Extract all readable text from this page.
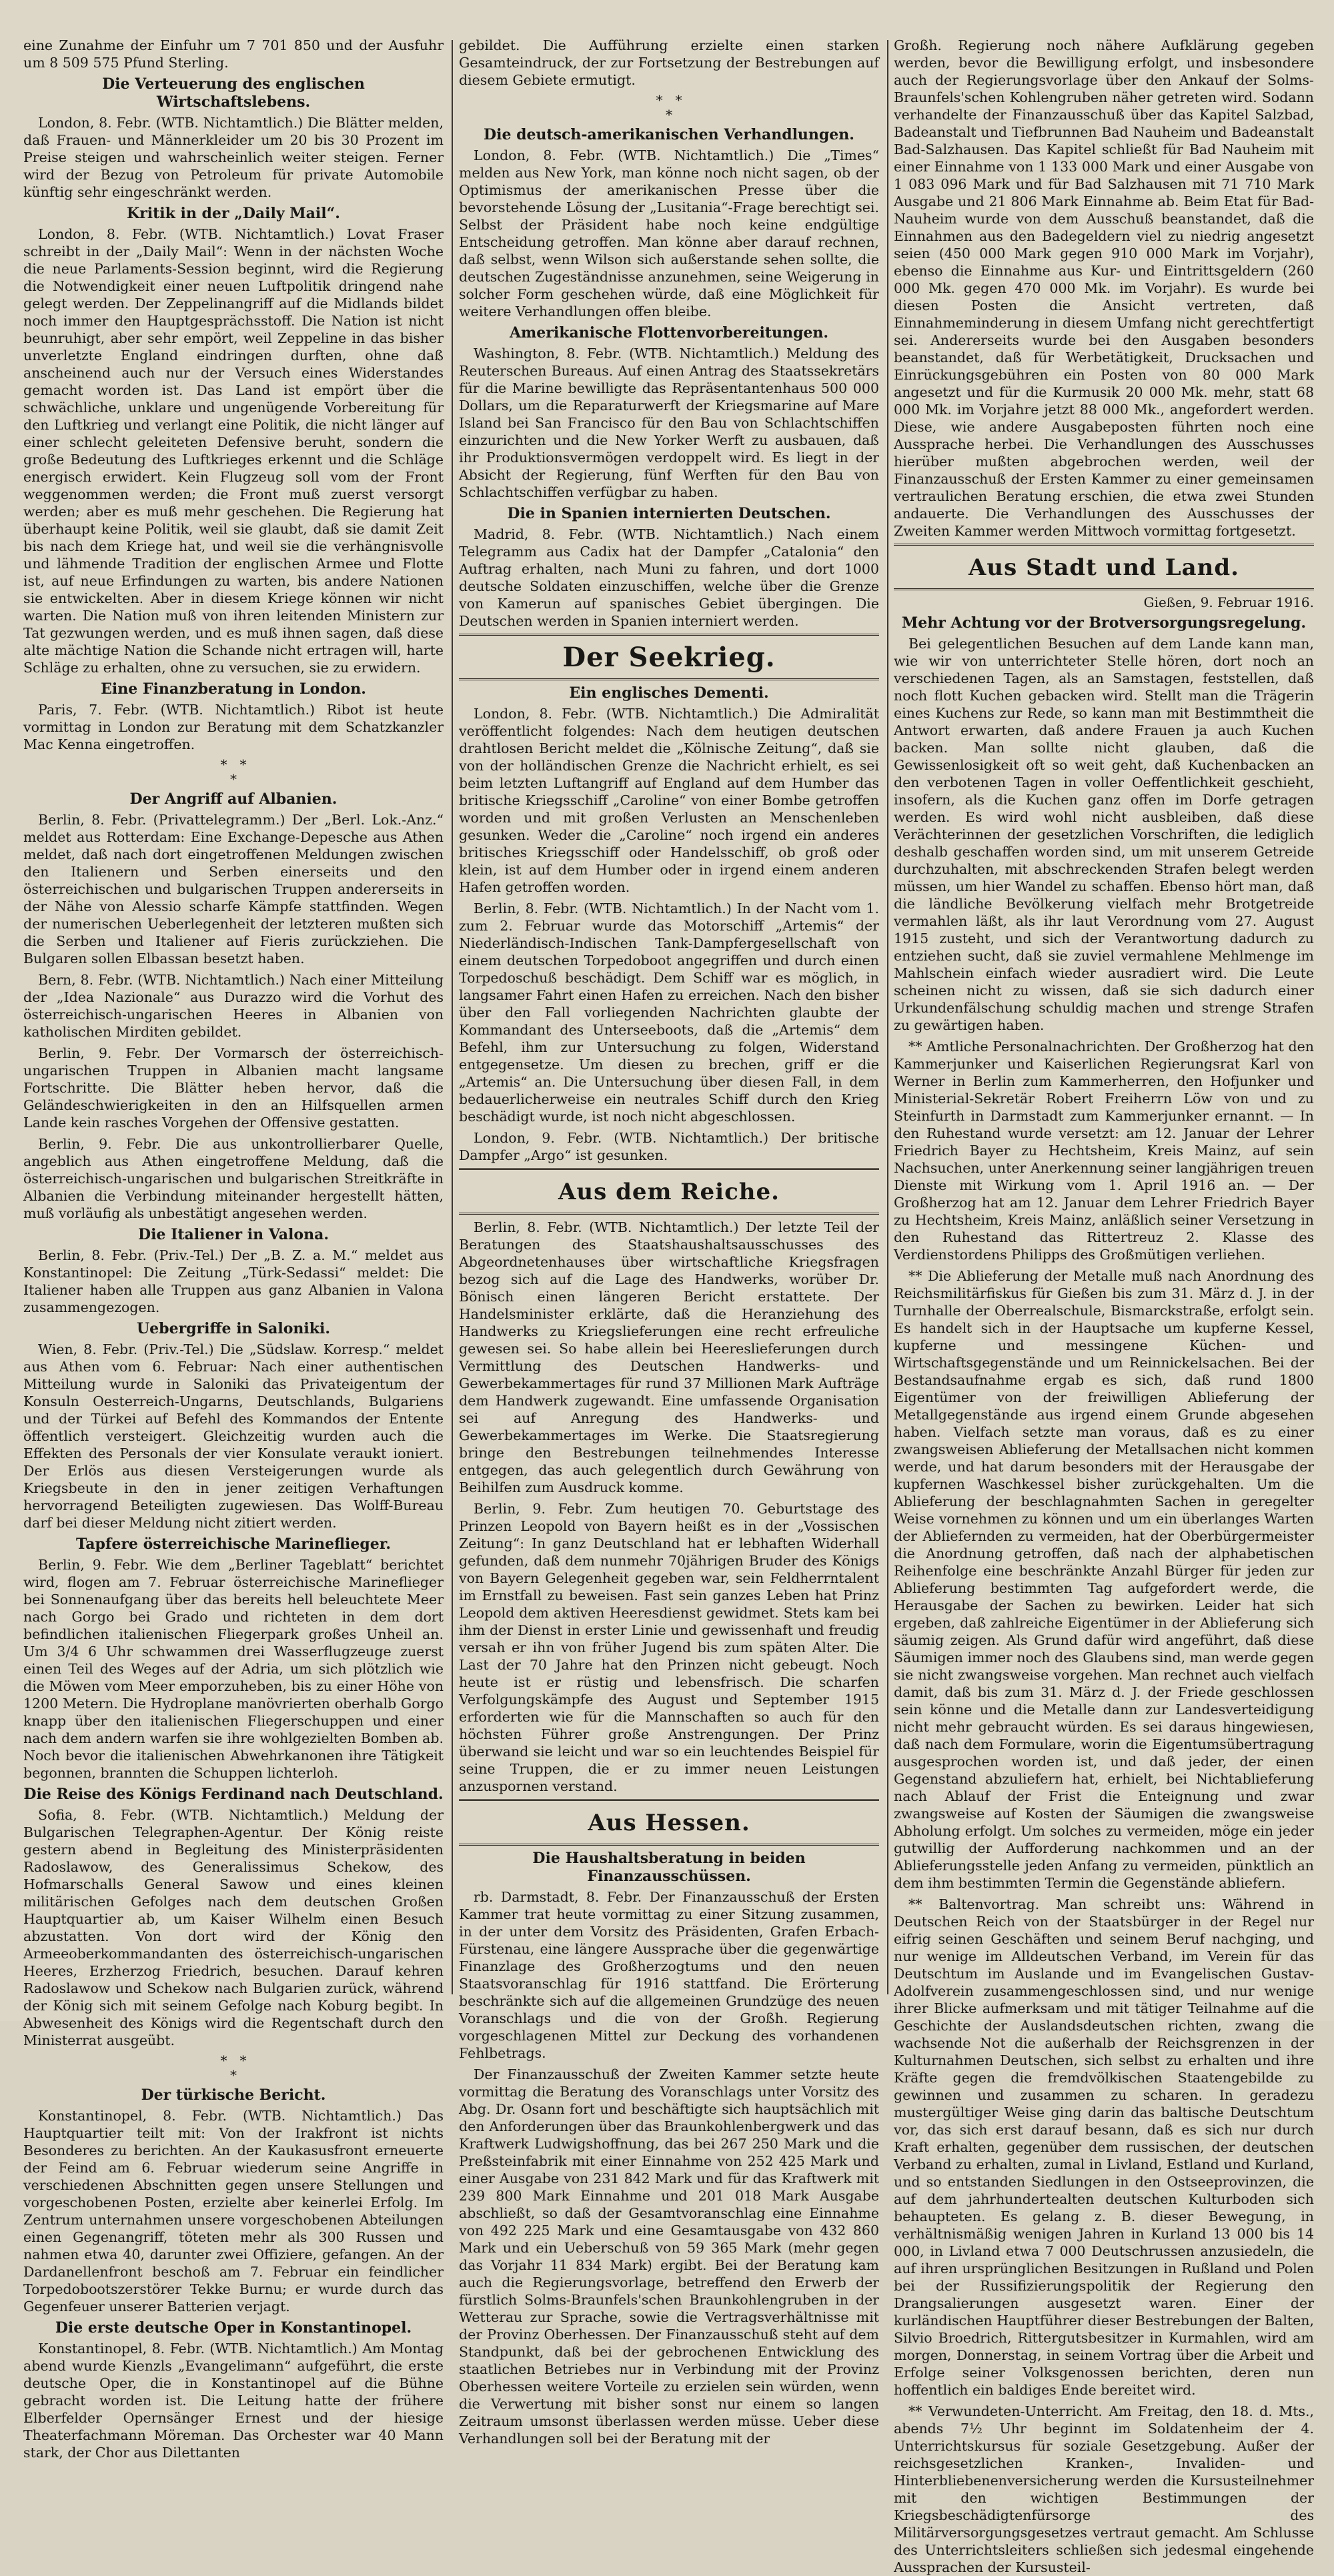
eine Zunahme der Einfuhr um 7 701 850 und der Ausfuhr um 8 509 575 Pfund Sterling.

Die Verteuerung des englischen Wirtschaftslebens.

London, 8. Febr. (WTB. Nichtamtlich.) Die Blätter melden, daß Frauen- und Männerkleider um 20 bis 30 Prozent im Preise steigen und wahrscheinlich weiter steigen. Ferner wird der Bezug von Petroleum für private Automobile künftig sehr eingeschränkt werden.

Kritik in der „Daily Mail“.

London, 8. Febr. (WTB. Nichtamtlich.) Lovat Fraser schreibt in der „Daily Mail“: Wenn in der nächsten Woche die neue Parlaments-Session beginnt, wird die Regierung die Notwendigkeit einer neuen Luftpolitik dringend nahe gelegt werden. Der Zeppelinangriff auf die Midlands bildet noch immer den Hauptgesprächsstoff. Die Nation ist nicht beunruhigt, aber sehr empört, weil Zeppeline in das bisher unverletzte England eindringen durften, ohne daß anscheinend auch nur der Versuch eines Widerstandes gemacht worden ist. Das Land ist empört über die schwächliche, unklare und ungenügende Vorbereitung für den Luftkrieg und verlangt eine Politik, die nicht länger auf einer schlecht geleiteten Defensive beruht, sondern die große Bedeutung des Luftkrieges erkennt und die Schläge energisch erwidert. Kein Flugzeug soll vom der Front weggenommen werden; die Front muß zuerst versorgt werden; aber es muß mehr geschehen. Die Regierung hat überhaupt keine Politik, weil sie glaubt, daß sie damit Zeit bis nach dem Kriege hat, und weil sie die verhängnisvolle und lähmende Tradition der englischen Armee und Flotte ist, auf neue Erfindungen zu warten, bis andere Nationen sie entwickelten. Aber in diesem Kriege können wir nicht warten. Die Nation muß von ihren leitenden Ministern zur Tat gezwungen werden, und es muß ihnen sagen, daß diese alte mächtige Nation die Schande nicht ertragen will, harte Schläge zu erhalten, ohne zu versuchen, sie zu erwidern.

Eine Finanzberatung in London.

Paris, 7. Febr. (WTB. Nichtamtlich.) Ribot ist heute vormittag in London zur Beratung mit dem Schatzkanzler Mac Kenna eingetroffen.

*   *
*
Der Angriff auf Albanien.

Berlin, 8. Febr. (Privattelegramm.) Der „Berl. Lok.-Anz.“ meldet aus Rotterdam: Eine Exchange-Depesche aus Athen meldet, daß nach dort eingetroffenen Meldungen zwischen den Italienern und Serben einerseits und den österreichischen und bulgarischen Truppen andererseits in der Nähe von Alessio scharfe Kämpfe stattfinden. Wegen der numerischen Ueberlegenheit der letzteren mußten sich die Serben und Italiener auf Fieris zurückziehen. Die Bulgaren sollen Elbassan besetzt haben.

Bern, 8. Febr. (WTB. Nichtamtlich.) Nach einer Mitteilung der „Idea Nazionale“ aus Durazzo wird die Vorhut des österreichisch-ungarischen Heeres in Albanien von katholischen Mirditen gebildet.

Berlin, 9. Febr. Der Vormarsch der österreichisch-ungarischen Truppen in Albanien macht langsame Fortschritte. Die Blätter heben hervor, daß die Geländeschwierigkeiten in den an Hilfsquellen armen Lande kein rasches Vorgehen der Offensive gestatten.

Berlin, 9. Febr. Die aus unkontrollierbarer Quelle, angeblich aus Athen eingetroffene Meldung, daß die österreichisch-ungarischen und bulgarischen Streitkräfte in Albanien die Verbindung miteinander hergestellt hätten, muß vorläufig als unbestätigt angesehen werden.

Die Italiener in Valona.

Berlin, 8. Febr. (Priv.-Tel.) Der „B. Z. a. M.“ meldet aus Konstantinopel: Die Zeitung „Türk-Sedassi“ meldet: Die Italiener haben alle Truppen aus ganz Albanien in Valona zusammengezogen.

Uebergriffe in Saloniki.

Wien, 8. Febr. (Priv.-Tel.) Die „Südslaw. Korresp.“ meldet aus Athen vom 6. Februar: Nach einer authentischen Mitteilung wurde in Saloniki das Privateigentum der Konsuln Oesterreich-Ungarns, Deutschlands, Bulgariens und der Türkei auf Befehl des Kommandos der Entente öffentlich versteigert. Gleichzeitig wurden auch die Effekten des Personals der vier Konsulate veraukt ioniert. Der Erlös aus diesen Versteigerungen wurde als Kriegsbeute in den in jener zeitigen Verhaftungen hervorragend Beteiligten zugewiesen. Das Wolff-Bureau darf bei dieser Meldung nicht zitiert werden.

Tapfere österreichische Marineflieger.

Berlin, 9. Febr. Wie dem „Berliner Tageblatt“ berichtet wird, flogen am 7. Februar österreichische Marineflieger bei Sonnenaufgang über das bereits hell beleuchtete Meer nach Gorgo bei Grado und richteten in dem dort befindlichen italienischen Fliegerpark großes Unheil an. Um 3/4 6 Uhr schwammen drei Wasserflugzeuge zuerst einen Teil des Weges auf der Adria, um sich plötzlich wie die Möwen vom Meer emporzuheben, bis zu einer Höhe von 1200 Metern. Die Hydroplane manövrierten oberhalb Gorgo knapp über den italienischen Fliegerschuppen und einer nach dem andern warfen sie ihre wohlgezielten Bomben ab. Noch bevor die italienischen Abwehrkanonen ihre Tätigkeit begonnen, brannten die Schuppen lichterloh.

Die Reise des Königs Ferdinand nach Deutschland.

Sofia, 8. Febr. (WTB. Nichtamtlich.) Meldung der Bulgarischen Telegraphen-Agentur. Der König reiste gestern abend in Begleitung des Ministerpräsidenten Radoslawow, des Generalissimus Schekow, des Hofmarschalls General Sawow und eines kleinen militärischen Gefolges nach dem deutschen Großen Hauptquartier ab, um Kaiser Wilhelm einen Besuch abzustatten. Von dort wird der König den Armeeoberkommandanten des österreichisch-ungarischen Heeres, Erzherzog Friedrich, besuchen. Darauf kehren Radoslawow und Schekow nach Bulgarien zurück, während der König sich mit seinem Gefolge nach Koburg begibt. In Abwesenheit des Königs wird die Regentschaft durch den Ministerrat ausgeübt.

*   *
*
Der türkische Bericht.

Konstantinopel, 8. Febr. (WTB. Nichtamtlich.) Das Hauptquartier teilt mit: Von der Irakfront ist nichts Besonderes zu berichten. An der Kaukasusfront erneuerte der Feind am 6. Februar wiederum seine Angriffe in verschiedenen Abschnitten gegen unsere Stellungen und vorgeschobenen Posten, erzielte aber keinerlei Erfolg. Im Zentrum unternahmen unsere vorgeschobenen Abteilungen einen Gegenangriff, töteten mehr als 300 Russen und nahmen etwa 40, darunter zwei Offiziere, gefangen. An der Dardanellenfront beschoß am 7. Februar ein feindlicher Torpedobootszerstörer Tekke Burnu; er wurde durch das Gegenfeuer unserer Batterien verjagt.

Die erste deutsche Oper in Konstantinopel.

Konstantinopel, 8. Febr. (WTB. Nichtamtlich.) Am Montag abend wurde Kienzls „Evangelimann“ aufgeführt, die erste deutsche Oper, die in Konstantinopel auf die Bühne gebracht worden ist. Die Leitung hatte der frühere Elberfelder Opernsänger Ernest und der hiesige Theaterfachmann Möreman. Das Orchester war 40 Mann stark, der Chor aus Dilettanten

gebildet. Die Aufführung erzielte einen starken Gesamteindruck, der zur Fortsetzung der Bestrebungen auf diesem Gebiete ermutigt.

*   *
*
Die deutsch-amerikanischen Verhandlungen.

London, 8. Febr. (WTB. Nichtamtlich.) Die „Times“ melden aus New York, man könne noch nicht sagen, ob der Optimismus der amerikanischen Presse über die bevorstehende Lösung der „Lusitania“-Frage berechtigt sei. Selbst der Präsident habe noch keine endgültige Entscheidung getroffen. Man könne aber darauf rechnen, daß selbst, wenn Wilson sich außerstande sehen sollte, die deutschen Zugeständnisse anzunehmen, seine Weigerung in solcher Form geschehen würde, daß eine Möglichkeit für weitere Verhandlungen offen bleibe.

Amerikanische Flottenvorbereitungen.

Washington, 8. Febr. (WTB. Nichtamtlich.) Meldung des Reuterschen Bureaus. Auf einen Antrag des Staatssekretärs für die Marine bewilligte das Repräsentantenhaus 500 000 Dollars, um die Reparaturwerft der Kriegsmarine auf Mare Island bei San Francisco für den Bau von Schlachtschiffen einzurichten und die New Yorker Werft zu ausbauen, daß ihr Produktionsvermögen verdoppelt wird. Es liegt in der Absicht der Regierung, fünf Werften für den Bau von Schlachtschiffen verfügbar zu haben.

Die in Spanien internierten Deutschen.

Madrid, 8. Febr. (WTB. Nichtamtlich.) Nach einem Telegramm aus Cadix hat der Dampfer „Catalonia“ den Auftrag erhalten, nach Muni zu fahren, und dort 1000 deutsche Soldaten einzuschiffen, welche über die Grenze von Kamerun auf spanisches Gebiet übergingen. Die Deutschen werden in Spanien interniert werden.

Der Seekrieg.
Ein englisches Dementi.

London, 8. Febr. (WTB. Nichtamtlich.) Die Admiralität veröffentlicht folgendes: Nach dem heutigen deutschen drahtlosen Bericht meldet die „Kölnische Zeitung“, daß sie von der holländischen Grenze die Nachricht erhielt, es sei beim letzten Luftangriff auf England auf dem Humber das britische Kriegsschiff „Caroline“ von einer Bombe getroffen worden und mit großen Verlusten an Menschenleben gesunken. Weder die „Caroline“ noch irgend ein anderes britisches Kriegsschiff oder Handelsschiff, ob groß oder klein, ist auf dem Humber oder in irgend einem anderen Hafen getroffen worden.

Berlin, 8. Febr. (WTB. Nichtamtlich.) In der Nacht vom 1. zum 2. Februar wurde das Motorschiff „Artemis“ der Niederländisch-Indischen Tank-Dampfergesellschaft von einem deutschen Torpedoboot angegriffen und durch einen Torpedoschuß beschädigt. Dem Schiff war es möglich, in langsamer Fahrt einen Hafen zu erreichen. Nach den bisher über den Fall vorliegenden Nachrichten glaubte der Kommandant des Unterseeboots, daß die „Artemis“ dem Befehl, ihm zur Untersuchung zu folgen, Widerstand entgegensetze. Um diesen zu brechen, griff er die „Artemis“ an. Die Untersuchung über diesen Fall, in dem bedauerlicherweise ein neutrales Schiff durch den Krieg beschädigt wurde, ist noch nicht abgeschlossen.

London, 9. Febr. (WTB. Nichtamtlich.) Der britische Dampfer „Argo“ ist gesunken.

Aus dem Reiche.

Berlin, 8. Febr. (WTB. Nichtamtlich.) Der letzte Teil der Beratungen des Staatshaushaltsausschusses des Abgeordnetenhauses über wirtschaftliche Kriegsfragen bezog sich auf die Lage des Handwerks, worüber Dr. Bönisch einen längeren Bericht erstattete. Der Handelsminister erklärte, daß die Heranziehung des Handwerks zu Kriegslieferungen eine recht erfreuliche gewesen sei. So habe allein bei Heereslieferungen durch Vermittlung des Deutschen Handwerks- und Gewerbekammertages für rund 37 Millionen Mark Aufträge dem Handwerk zugewandt. Eine umfassende Organisation sei auf Anregung des Handwerks- und Gewerbekammertages im Werke. Die Staatsregierung bringe den Bestrebungen teilnehmendes Interesse entgegen, das auch gelegentlich durch Gewährung von Beihilfen zum Ausdruck komme.

Berlin, 9. Febr. Zum heutigen 70. Geburtstage des Prinzen Leopold von Bayern heißt es in der „Vossischen Zeitung“: In ganz Deutschland hat er lebhaften Widerhall gefunden, daß dem nunmehr 70jährigen Bruder des Königs von Bayern Gelegenheit gegeben war, sein Feldherrntalent im Ernstfall zu beweisen. Fast sein ganzes Leben hat Prinz Leopold dem aktiven Heeresdienst gewidmet. Stets kam bei ihm der Dienst in erster Linie und gewissenhaft und freudig versah er ihn von früher Jugend bis zum späten Alter. Die Last der 70 Jahre hat den Prinzen nicht gebeugt. Noch heute ist er rüstig und lebensfrisch. Die scharfen Verfolgungskämpfe des August und September 1915 erforderten wie für die Mannschaften so auch für den höchsten Führer große Anstrengungen. Der Prinz überwand sie leicht und war so ein leuchtendes Beispiel für seine Truppen, die er zu immer neuen Leistungen anzuspornen verstand.

Aus Hessen.
Die Haushaltsberatung in beiden Finanzausschüssen.

rb. Darmstadt, 8. Febr. Der Finanzausschuß der Ersten Kammer trat heute vormittag zu einer Sitzung zusammen, in der unter dem Vorsitz des Präsidenten, Grafen Erbach-Fürstenau, eine längere Aussprache über die gegenwärtige Finanzlage des Großherzogtums und den neuen Staatsvoranschlag für 1916 stattfand. Die Erörterung beschränkte sich auf die allgemeinen Grundzüge des neuen Voranschlags und die von der Großh. Regierung vorgeschlagenen Mittel zur Deckung des vorhandenen Fehlbetrags.

Der Finanzausschuß der Zweiten Kammer setzte heute vormittag die Beratung des Voranschlags unter Vorsitz des Abg. Dr. Osann fort und beschäftigte sich hauptsächlich mit den Anforderungen über das Braunkohlenbergwerk und das Kraftwerk Ludwigshoffnung, das bei 267 250 Mark und die Preßsteinfabrik mit einer Einnahme von 252 425 Mark und einer Ausgabe von 231 842 Mark und für das Kraftwerk mit 239 800 Mark Einnahme und 201 018 Mark Ausgabe abschließt, so daß der Gesamtvoranschlag eine Einnahme von 492 225 Mark und eine Gesamtausgabe von 432 860 Mark und ein Ueberschuß von 59 365 Mark (mehr gegen das Vorjahr 11 834 Mark) ergibt. Bei der Beratung kam auch die Regierungsvorlage, betreffend den Erwerb der fürstlich Solms-Braunfels'schen Braunkohlengruben in der Wetterau zur Sprache, sowie die Vertragsverhältnisse mit der Provinz Oberhessen. Der Finanzausschuß steht auf dem Standpunkt, daß bei der gebrochenen Entwicklung des staatlichen Betriebes nur in Verbindung mit der Provinz Oberhessen weitere Vorteile zu erzielen sein würden, wenn die Verwertung mit bisher sonst nur einem so langen Zeitraum umsonst überlassen werden müsse. Ueber diese Verhandlungen soll bei der Beratung mit der

Großh. Regierung noch nähere Aufklärung gegeben werden, bevor die Bewilligung erfolgt, und insbesondere auch der Regierungsvorlage über den Ankauf der Solms-Braunfels'schen Kohlengruben näher getreten wird. Sodann verhandelte der Finanzausschuß über das Kapitel Salzbad, Badeanstalt und Tiefbrunnen Bad Nauheim und Badeanstalt Bad-Salzhausen. Das Kapitel schließt für Bad Nauheim mit einer Einnahme von 1 133 000 Mark und einer Ausgabe von 1 083 096 Mark und für Bad Salzhausen mit 71 710 Mark Ausgabe und 21 806 Mark Einnahme ab. Beim Etat für Bad-Nauheim wurde von dem Ausschuß beanstandet, daß die Einnahmen aus den Badegeldern viel zu niedrig angesetzt seien (450 000 Mark gegen 910 000 Mark im Vorjahr), ebenso die Einnahme aus Kur- und Eintrittsgeldern (260 000 Mk. gegen 470 000 Mk. im Vorjahr). Es wurde bei diesen Posten die Ansicht vertreten, daß Einnahmeminderung in diesem Umfang nicht gerechtfertigt sei. Andererseits wurde bei den Ausgaben besonders beanstandet, daß für Werbetätigkeit, Drucksachen und Einrückungsgebühren ein Posten von 80 000 Mark angesetzt und für die Kurmusik 20 000 Mk. mehr, statt 68 000 Mk. im Vorjahre jetzt 88 000 Mk., angefordert werden. Diese, wie andere Ausgabeposten führten noch eine Aussprache herbei. Die Verhandlungen des Ausschusses hierüber mußten abgebrochen werden, weil der Finanzausschuß der Ersten Kammer zu einer gemeinsamen vertraulichen Beratung erschien, die etwa zwei Stunden andauerte. Die Verhandlungen des Ausschusses der Zweiten Kammer werden Mittwoch vormittag fortgesetzt.

Aus Stadt und Land.
Gießen, 9. Februar 1916.
Mehr Achtung vor der Brotversorgungsregelung.

Bei gelegentlichen Besuchen auf dem Lande kann man, wie wir von unterrichteter Stelle hören, dort noch an verschiedenen Tagen, als an Samstagen, feststellen, daß noch flott Kuchen gebacken wird. Stellt man die Trägerin eines Kuchens zur Rede, so kann man mit Bestimmtheit die Antwort erwarten, daß andere Frauen ja auch Kuchen backen. Man sollte nicht glauben, daß die Gewissenlosigkeit oft so weit geht, daß Kuchenbacken an den verbotenen Tagen in voller Oeffentlichkeit geschieht, insofern, als die Kuchen ganz offen im Dorfe getragen werden. Es wird wohl nicht ausbleiben, daß diese Verächterinnen der gesetzlichen Vorschriften, die lediglich deshalb geschaffen worden sind, um mit unserem Getreide durchzuhalten, mit abschreckenden Strafen belegt werden müssen, um hier Wandel zu schaffen. Ebenso hört man, daß die ländliche Bevölkerung vielfach mehr Brotgetreide vermahlen läßt, als ihr laut Verordnung vom 27. August 1915 zusteht, und sich der Verantwortung dadurch zu entziehen sucht, daß sie zuviel vermahlene Mehlmenge im Mahlschein einfach wieder ausradiert wird. Die Leute scheinen nicht zu wissen, daß sie sich dadurch einer Urkundenfälschung schuldig machen und strenge Strafen zu gewärtigen haben.

** Amtliche Personalnachrichten. Der Großherzog hat den Kammerjunker und Kaiserlichen Regierungsrat Karl von Werner in Berlin zum Kammerherren, den Hofjunker und Ministerial-Sekretär Robert Freiherrn Löw von und zu Steinfurth in Darmstadt zum Kammerjunker ernannt. — In den Ruhestand wurde versetzt: am 12. Januar der Lehrer Friedrich Bayer zu Hechtsheim, Kreis Mainz, auf sein Nachsuchen, unter Anerkennung seiner langjährigen treuen Dienste mit Wirkung vom 1. April 1916 an. — Der Großherzog hat am 12. Januar dem Lehrer Friedrich Bayer zu Hechtsheim, Kreis Mainz, anläßlich seiner Versetzung in den Ruhestand das Rittertreuz 2. Klasse des Verdienstordens Philipps des Großmütigen verliehen.

** Die Ablieferung der Metalle muß nach Anordnung des Reichsmilitärfiskus für Gießen bis zum 31. März d. J. in der Turnhalle der Oberrealschule, Bismarckstraße, erfolgt sein. Es handelt sich in der Hauptsache um kupferne Kessel, kupferne und messingene Küchen- und Wirtschaftsgegenstände und um Reinnickelsachen. Bei der Bestandsaufnahme ergab es sich, daß rund 1800 Eigentümer von der freiwilligen Ablieferung der Metallgegenstände aus irgend einem Grunde abgesehen haben. Vielfach setzte man voraus, daß es zu einer zwangsweisen Ablieferung der Metallsachen nicht kommen werde, und hat darum besonders mit der Herausgabe der kupfernen Waschkessel bisher zurückgehalten. Um die Ablieferung der beschlagnahmten Sachen in geregelter Weise vornehmen zu können und um ein überlanges Warten der Abliefernden zu vermeiden, hat der Oberbürgermeister die Anordnung getroffen, daß nach der alphabetischen Reihenfolge eine beschränkte Anzahl Bürger für jeden zur Ablieferung bestimmten Tag aufgefordert werde, die Herausgabe der Sachen zu bewirken. Leider hat sich ergeben, daß zahlreiche Eigentümer in der Ablieferung sich säumig zeigen. Als Grund dafür wird angeführt, daß diese Säumigen immer noch des Glaubens sind, man werde gegen sie nicht zwangsweise vorgehen. Man rechnet auch vielfach damit, daß bis zum 31. März d. J. der Friede geschlossen sein könne und die Metalle dann zur Landesverteidigung nicht mehr gebraucht würden. Es sei daraus hingewiesen, daß nach dem Formulare, worin die Eigentumsübertragung ausgesprochen worden ist, und daß jeder, der einen Gegenstand abzuliefern hat, erhielt, bei Nichtablieferung nach Ablauf der Frist die Enteignung und zwar zwangsweise auf Kosten der Säumigen die zwangsweise Abholung erfolgt. Um solches zu vermeiden, möge ein jeder gutwillig der Aufforderung nachkommen und an der Ablieferungsstelle jeden Anfang zu vermeiden, pünktlich an dem ihm bestimmten Termin die Gegenstände abliefern.

** Baltenvortrag. Man schreibt uns: Während in Deutschen Reich von der Staatsbürger in der Regel nur eifrig seinen Geschäften und seinem Beruf nachging, und nur wenige im Alldeutschen Verband, im Verein für das Deutschtum im Auslande und im Evangelischen Gustav-Adolfverein zusammengeschlossen sind, und nur wenige ihrer Blicke aufmerksam und mit tätiger Teilnahme auf die Geschichte der Auslandsdeutschen richten, zwang die wachsende Not die außerhalb der Reichsgrenzen in der Kulturnahmen Deutschen, sich selbst zu erhalten und ihre Kräfte gegen die fremdvölkischen Staatengebilde zu gewinnen und zusammen zu scharen. In geradezu mustergültiger Weise ging darin das baltische Deutschtum vor, das sich erst darauf besann, daß es sich nur durch Kraft erhalten, gegenüber dem russischen, der deutschen Verband zu erhalten, zumal in Livland, Estland und Kurland, und so entstanden Siedlungen in den Ostseeprovinzen, die auf dem jahrhundertealten deutschen Kulturboden sich behaupteten. Es gelang z. B. dieser Bewegung, in verhältnismäßig wenigen Jahren in Kurland 13 000 bis 14 000, in Livland etwa 7 000 Deutschrussen anzusiedeln, die auf ihren ursprünglichen Besitzungen in Rußland und Polen bei der Russifizierungspolitik der Regierung den Drangsalierungen ausgesetzt waren. Einer der kurländischen Hauptführer dieser Bestrebungen der Balten, Silvio Broedrich, Rittergutsbesitzer in Kurmahlen, wird am morgen, Donnerstag, in seinem Vortrag über die Arbeit und Erfolge seiner Volksgenossen berichten, deren nun hoffentlich ein baldiges Ende bereitet wird.

** Verwundeten-Unterricht. Am Freitag, den 18. d. Mts., abends 7½ Uhr beginnt im Soldatenheim der 4. Unterrichtskursus für soziale Gesetzgebung. Außer der reichsgesetzlichen Kranken-, Invaliden- und Hinterbliebenenversicherung werden die Kursusteilnehmer mit den wichtigen Bestimmungen der Kriegsbeschädigtenfürsorge des Militärversorgungsgesetzes vertraut gemacht. Am Schlusse des Unterrichtsleiters schließen sich jedesmal eingehende Aussprachen der Kursusteil-
